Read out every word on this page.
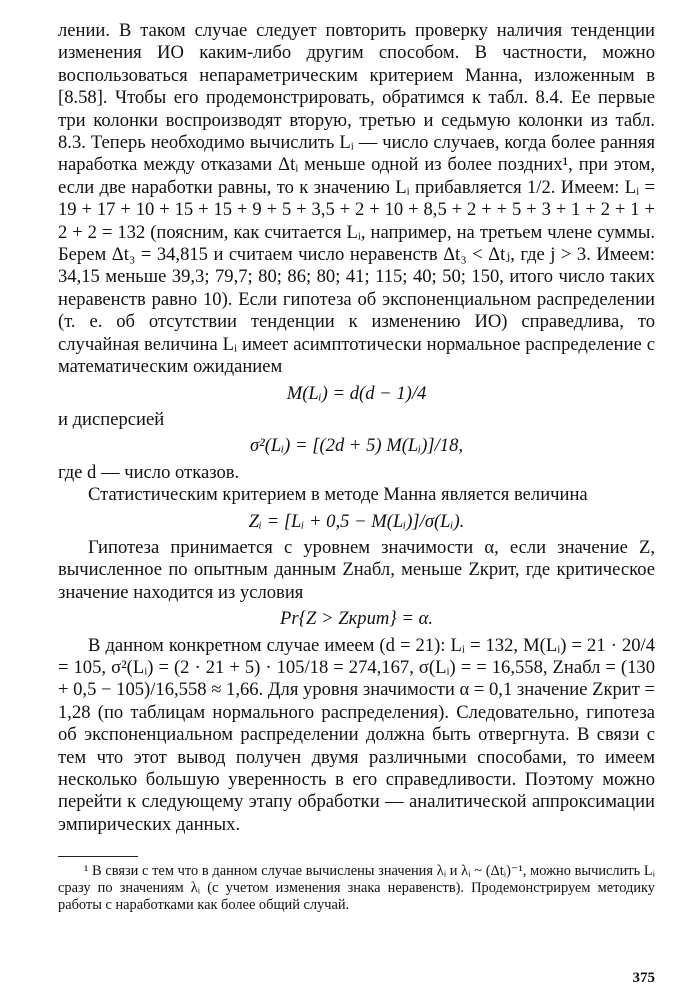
лении. В таком случае следует повторить проверку наличия тенденции изменения ИО каким-либо другим способом. В частности, можно воспользоваться непараметрическим критерием Манна, изложенным в [8.58]. Чтобы его продемонстрировать, обратимся к табл. 8.4. Ее первые три колонки воспроизводят вторую, третью и седьмую колонки из табл. 8.3. Теперь необходимо вычислить Lᵢ — число случаев, когда более ранняя наработка между отказами Δtᵢ меньше одной из более поздних¹, при этом, если две наработки равны, то к значению Lᵢ прибавляется 1/2. Имеем: Lᵢ = 19 + 17 + 10 + 15 + 15 + 9 + 5 + 3,5 + 2 + 10 + 8,5 + 2 + + 5 + 3 + 1 + 2 + 1 + 2 + 2 = 132 (поясним, как считается Lᵢ, например, на третьем члене суммы. Берем Δt₃ = 34,815 и считаем число неравенств Δt₃ < Δtⱼ, где j > 3. Имеем: 34,15 меньше 39,3; 79,7; 80; 86; 80; 41; 115; 40; 50; 150, итого число таких неравенств равно 10). Если гипотеза об экспоненциальном распределении (т. е. об отсутствии тенденции к изменению ИО) справедлива, то случайная величина Lᵢ имеет асимптотически нормальное распределение с математическим ожиданием

M(Lᵢ) = d(d − 1)/4

и дисперсией

σ²(Lᵢ) = [(2d + 5) M(Lᵢ)]/18,

где d — число отказов.

Статистическим критерием в методе Манна является величина

Zᵢ = [Lᵢ + 0,5 − M(Lᵢ)]/σ(Lᵢ).

Гипотеза принимается с уровнем значимости α, если значение Z, вычисленное по опытным данным Zнабл, меньше Zкрит, где критическое значение находится из условия

Pr{Z > Zкрит} = α.

В данном конкретном случае имеем (d = 21): Lᵢ = 132, M(Lᵢ) = 21 · 20/4 = 105, σ²(Lᵢ) = (2 · 21 + 5) · 105/18 = 274,167, σ(Lᵢ) = = 16,558, Zнабл = (130 + 0,5 − 105)/16,558 ≈ 1,66. Для уровня значимости α = 0,1 значение Zкрит = 1,28 (по таблицам нормального распределения). Следовательно, гипотеза об экспоненциальном распределении должна быть отвергнута. В связи с тем что этот вывод получен двумя различными способами, то имеем несколько большую уверенность в его справедливости. Поэтому можно перейти к следующему этапу обработки — аналитической аппроксимации эмпирических данных.

¹ В связи с тем что в данном случае вычислены значения λᵢ и λᵢ ~ (Δtᵢ)⁻¹, можно вычислить Lᵢ сразу по значениям λᵢ (с учетом изменения знака неравенств). Продемонстрируем методику работы с наработками как более общий случай.

375
